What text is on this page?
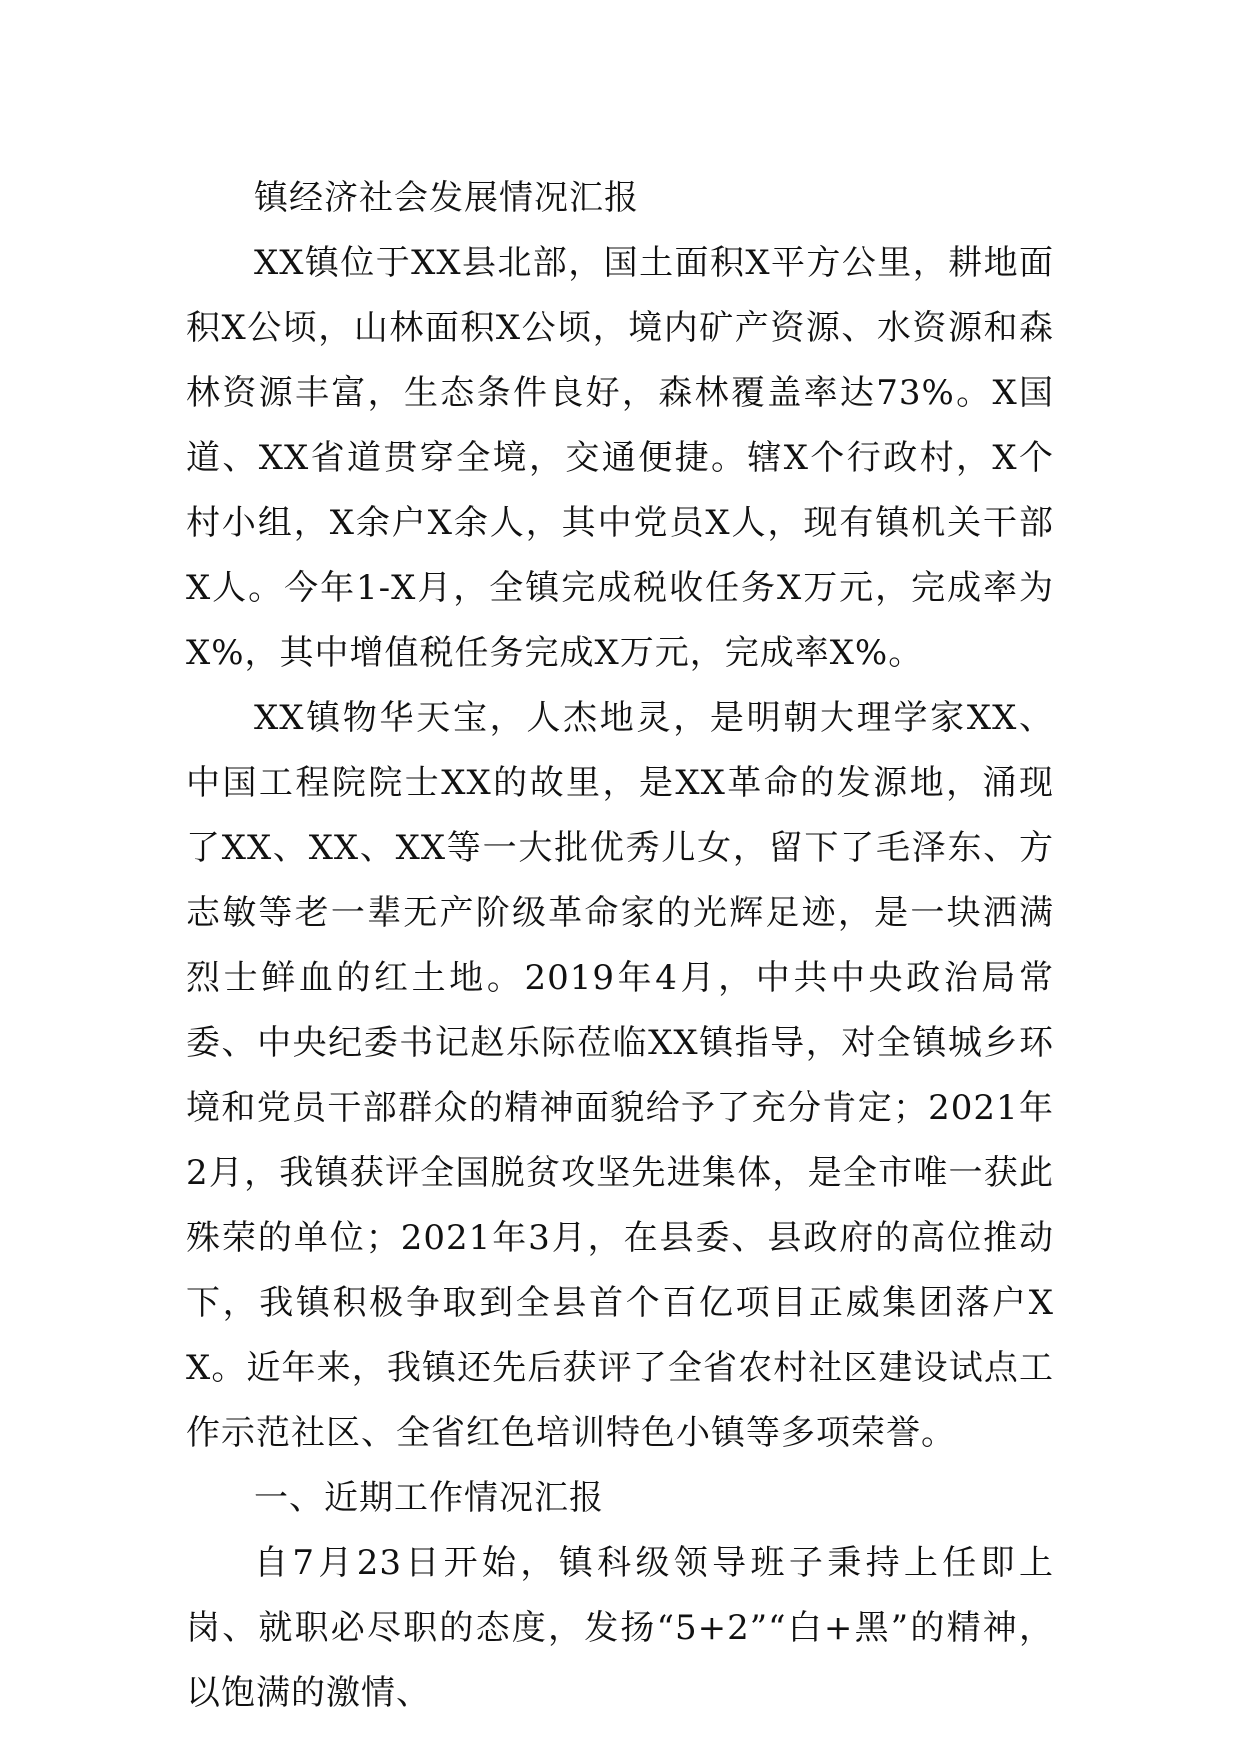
镇经济社会发展情况汇报

XX镇位于XX县北部，国土面积X平方公里，耕地面积X公顷，山林面积X公顷，境内矿产资源、水资源和森林资源丰富，生态条件良好，森林覆盖率达73%。X国道、XX省道贯穿全境，交通便捷。辖X个行政村，X个村小组，X余户X余人，其中党员X人，现有镇机关干部X人。今年1-X月，全镇完成税收任务X万元，完成率为X%，其中增值税任务完成X万元，完成率X%。

XX镇物华天宝，人杰地灵，是明朝大理学家XX、中国工程院院士XX的故里，是XX革命的发源地，涌现了XX、XX、XX等一大批优秀儿女，留下了毛泽东、方志敏等老一辈无产阶级革命家的光辉足迹，是一块洒满烈士鲜血的红土地。2019年4月，中共中央政治局常委、中央纪委书记赵乐际莅临XX镇指导，对全镇城乡环境和党员干部群众的精神面貌给予了充分肯定；2021年2月，我镇获评全国脱贫攻坚先进集体，是全市唯一获此殊荣的单位；2021年3月，在县委、县政府的高位推动下，我镇积极争取到全县首个百亿项目正威集团落户XX。近年来，我镇还先后获评了全省农村社区建设试点工作示范社区、全省红色培训特色小镇等多项荣誉。

一、近期工作情况汇报

自7月23日开始，镇科级领导班子秉持上任即上岗、就职必尽职的态度，发扬“5+2”“白+黑”的精神，以饱满的激情、
